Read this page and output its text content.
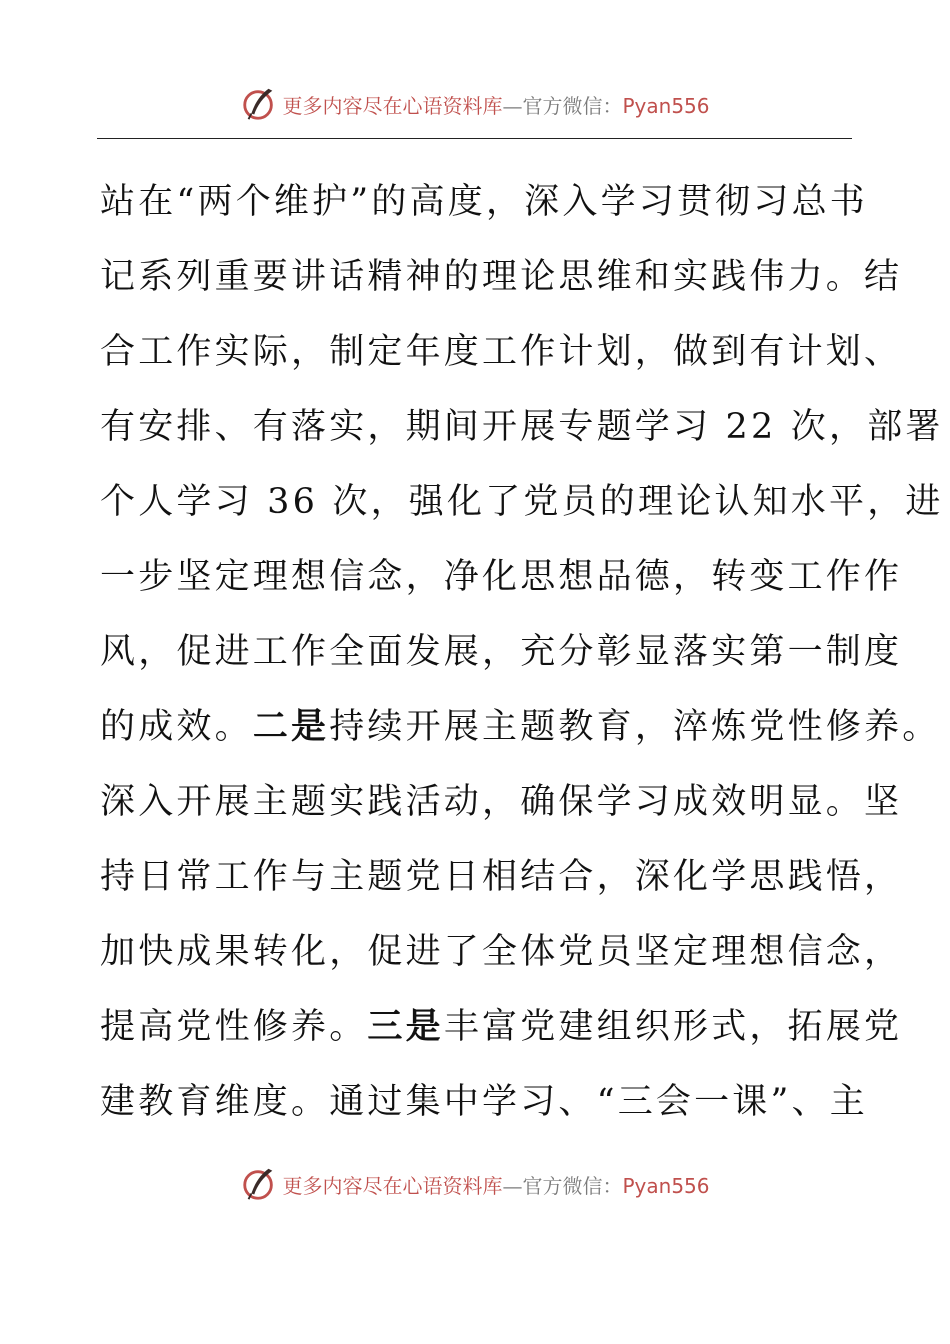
更多内容尽在心语资料库—官方微信：Pyan556
站在“两个维护”的高度，深入学习贯彻习总书
记系列重要讲话精神的理论思维和实践伟力。结
合工作实际，制定年度工作计划，做到有计划、
有安排、有落实，期间开展专题学习 22 次，部署
个人学习 36 次，强化了党员的理论认知水平，进
一步坚定理想信念，净化思想品德，转变工作作
风，促进工作全面发展，充分彰显落实第一制度
的成效。二是持续开展主题教育，淬炼党性修养。
深入开展主题实践活动，确保学习成效明显。坚
持日常工作与主题党日相结合，深化学思践悟，
加快成果转化，促进了全体党员坚定理想信念，
提高党性修养。三是丰富党建组织形式，拓展党
建教育维度。通过集中学习、“三会一课”、主
更多内容尽在心语资料库—官方微信：Pyan556
